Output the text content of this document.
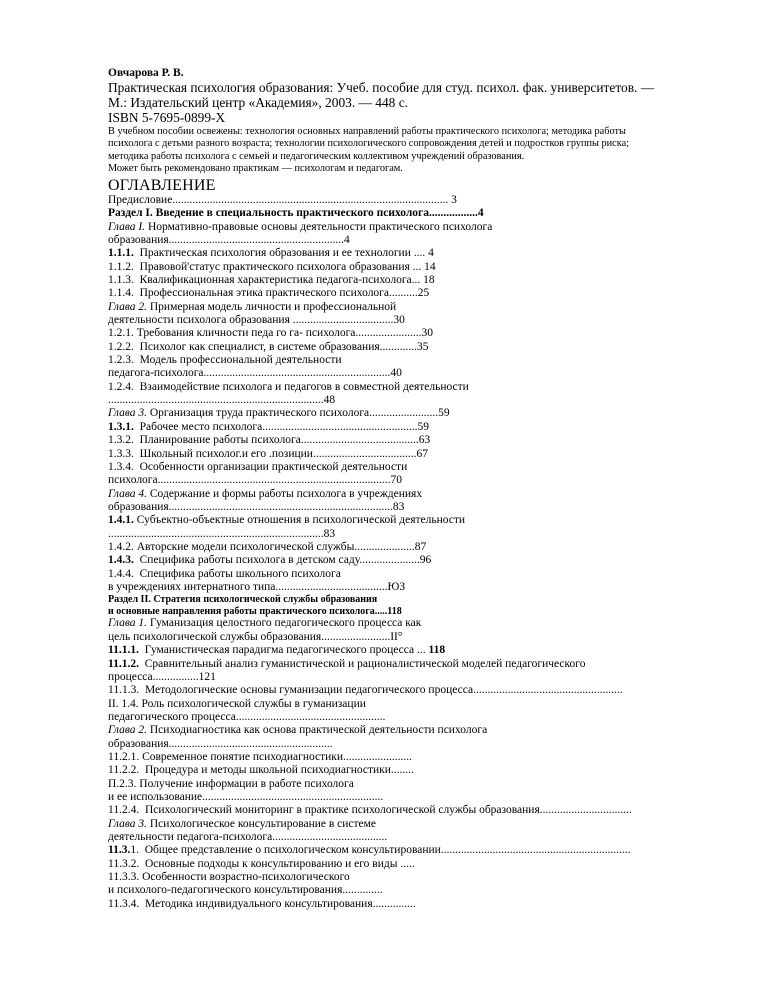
Овчарова Р. В.
Практическая психология образования: Учеб. пособие для студ. психол. фак. университетов. —
М.: Издательский центр «Академия», 2003. — 448 с.
ISBN 5-7695-0899-X
В учебном пособии освежены: технология основных направлений работы практического психолога; методика работы
психолога с детьми разного возраста; технологии психологического сопровождения детей и подростков группы риска;
методика работы психолога с семьей и педагогическим коллективом учреждений образования.
Может быть рекомендовано практикам — психологам и педагогам.
ОГЛАВЛЕНИЕ
Предисловие................................................................................................ 3
Раздел I. Введение в специальность практического психолога.................4
Глава I. Нормативно-правовые основы деятельности практического психолога
образования.............................................................4
1.1.1.  Практическая психология образования и ее технологии .... 4
1.1.2.  Правовой'статус практического психолога образования ... 14
1.1.3.  Квалификационная характеристика педагога-психолога... 18
1.1.4.  Профессиональная этика практического психолога..........25
Глава 2. Примерная модель личности и профессиональной
деятельности психолога образования ...................................30
1.2.1. Требования кличности педа го га- психолога.......................30
1.2.2.  Психолог как специалист, в системе образования.............35
1.2.3.  Модель профессиональной деятельности
педагога-психолога.................................................................40
1.2.4.  Взаимодействие психолога и педагогов в совместной деятельности
...........................................................................48
Глава 3. Организация труда практического психолога........................59
1.3.1.  Рабочее место психолога......................................................59
1.3.2.  Планирование работы психолога.........................................63
1.3.3.  Школьный психолог.и его .позиции....................................67
1.3.4.  Особенности организации практической деятельности
психолога.................................................................................70
Глава 4. Содержание и формы работы психолога в учреждениях
образования..............................................................................83
1.4.1. Субъектно-объектные отношения в психологической деятельности
...........................................................................83
1.4.2. Авторские модели психологической службы.....................87
1.4.3.  Специфика работы психолога в детском саду.....................96
1.4.4.  Специфика работы школьного психолога
в учреждениях интернатного типа.......................................ЮЗ
Раздел II. Стратегия психологической службы образования
и основные направления работы практического психолога.....118
Глава 1. Гуманизация целостного педагогического процесса как
цель психологической службы образования........................II°
11.1.1.  Гуманистическая парадигма педагогического процесса ... 118
11.1.2.  Сравнительный анализ гуманистической и рационалистической моделей педагогического
процесса................121
11.1.3.  Методологические основы гуманизации педагогического процесса....................................................
II. 1.4. Роль психологической службы в гуманизации
педагогического процесса....................................................
Глава 2. Психодиагностика как основа практической деятельности психолога
образования.........................................................
11.2.1. Современное понятие психодиагностики........................
11.2.2.  Процедура и методы школьной психодиагностики........
П.2.3. Получение информации в работе психолога
и ее использование...............................................................
11.2.4.  Психологический мониторинг в практике психологической службы образования................................
Глава 3. Психологическое консультирование в системе
деятельности педагога-психолога........................................
11.3.1.  Общее представление о психологическом консультировании..................................................................
11.3.2.  Основные подходы к консультированию и его виды .....
11.3.3. Особенности возрастно-психологического
и психолого-педагогического консультирования..............
11.3.4.  Методика индивидуального консультирования...............
